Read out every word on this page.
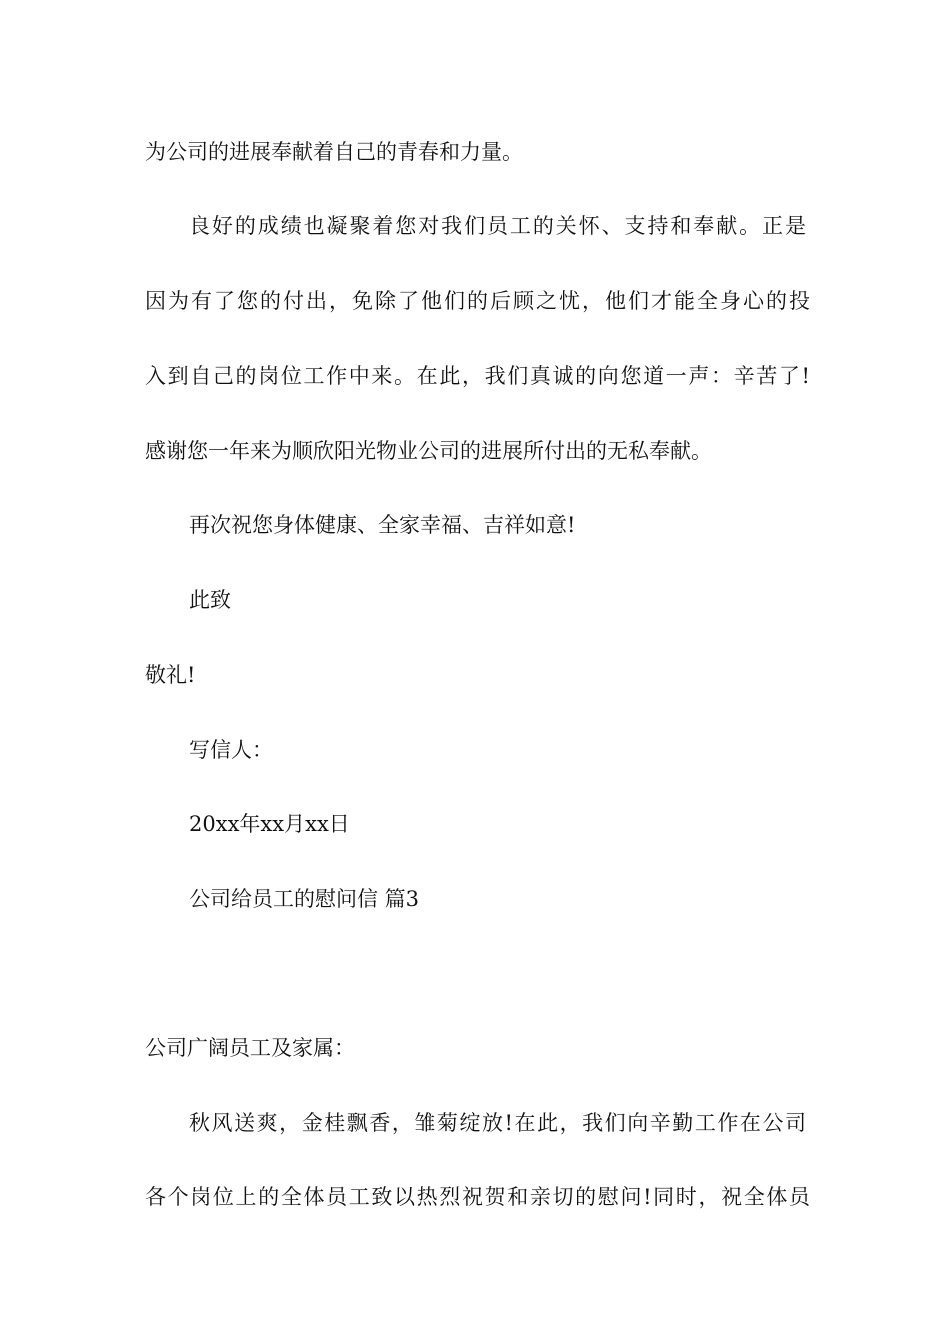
为公司的进展奉献着自己的青春和力量。

良好的成绩也凝聚着您对我们员工的关怀、支持和奉献。正是

因为有了您的付出，免除了他们的后顾之忧，他们才能全身心的投

入到自己的岗位工作中来。在此，我们真诚的向您道一声：辛苦了!

感谢您一年来为顺欣阳光物业公司的进展所付出的无私奉献。

再次祝您身体健康、全家幸福、吉祥如意!

此致

敬礼!

写信人：

20xx年xx月xx日

公司给员工的慰问信 篇3

公司广阔员工及家属：

秋风送爽，金桂飘香，雏菊绽放!在此，我们向辛勤工作在公司

各个岗位上的全体员工致以热烈祝贺和亲切的慰问!同时，祝全体员
